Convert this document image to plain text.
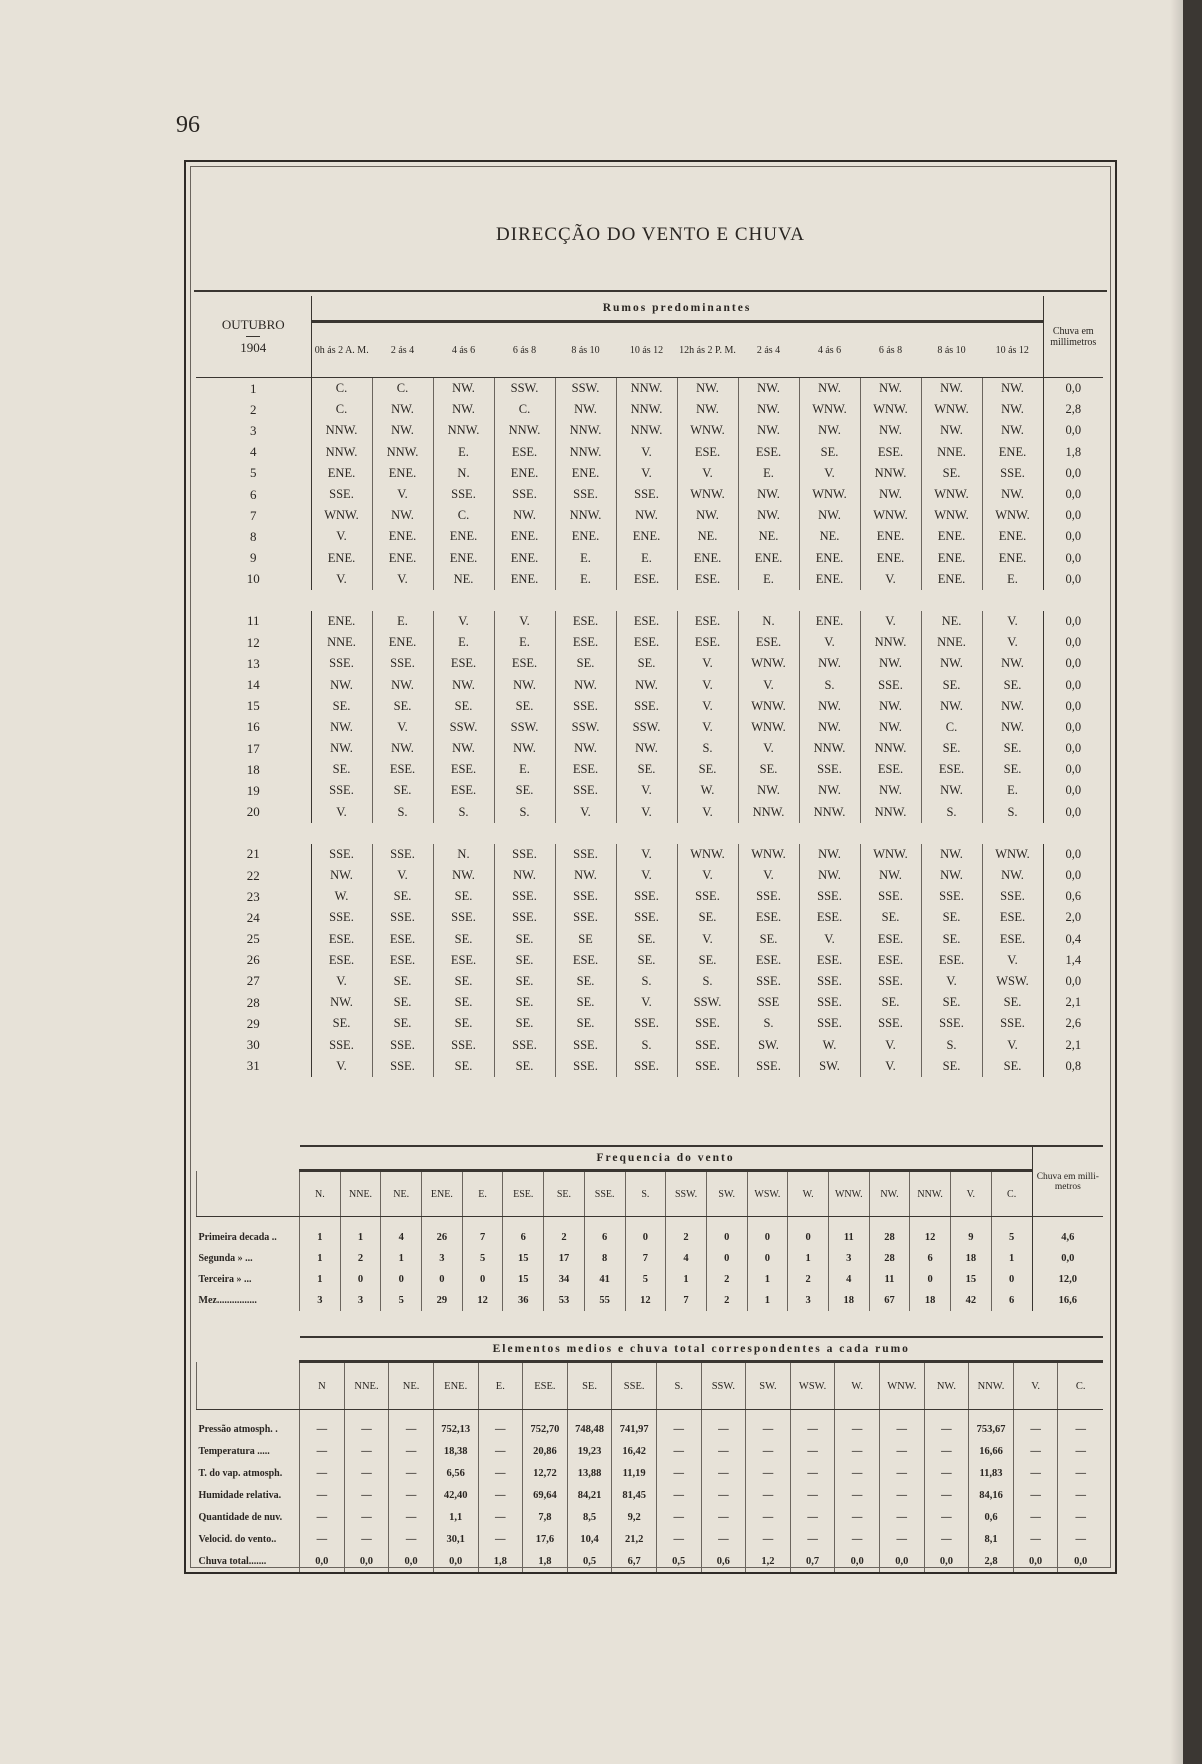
96
DIRECÇÃO DO VENTO E CHUVA
OUTUBRO
1904	Rumos predominantes												Chuva em millimetros
	0h ás 2 A. M.	2 ás 4	4 ás 6	6 ás 8	8 ás 10	10 ás 12	12h ás 2 P. M.	2 ás 4	4 ás 6	6 ás 8	8 ás 10	10 ás 12	
1	C.	C.	NW.	SSW.	SSW.	NNW.	NW.	NW.	NW.	NW.	NW.	NW.	0,0
2	C.	NW.	NW.	C.	NW.	NNW.	NW.	NW.	WNW.	WNW.	WNW.	NW.	2,8
3	NNW.	NW.	NNW.	NNW.	NNW.	NNW.	WNW.	NW.	NW.	NW.	NW.	NW.	0,0
4	NNW.	NNW.	E.	ESE.	NNW.	V.	ESE.	ESE.	SE.	ESE.	NNE.	ENE.	1,8
5	ENE.	ENE.	N.	ENE.	ENE.	V.	V.	E.	V.	NNW.	SE.	SSE.	0,0
6	SSE.	V.	SSE.	SSE.	SSE.	SSE.	WNW.	NW.	WNW.	NW.	WNW.	NW.	0,0
7	WNW.	NW.	C.	NW.	NNW.	NW.	NW.	NW.	NW.	WNW.	WNW.	WNW.	0,0
8	V.	ENE.	ENE.	ENE.	ENE.	ENE.	NE.	NE.	NE.	ENE.	ENE.	ENE.	0,0
9	ENE.	ENE.	ENE.	ENE.	E.	E.	ENE.	ENE.	ENE.	ENE.	ENE.	ENE.	0,0
10	V.	V.	NE.	ENE.	E.	ESE.	ESE.	E.	ENE.	V.	ENE.	E.	0,0

11	ENE.	E.	V.	V.	ESE.	ESE.	ESE.	N.	ENE.	V.	NE.	V.	0,0
12	NNE.	ENE.	E.	E.	ESE.	ESE.	ESE.	ESE.	V.	NNW.	NNE.	V.	0,0
13	SSE.	SSE.	ESE.	ESE.	SE.	SE.	V.	WNW.	NW.	NW.	NW.	NW.	0,0
14	NW.	NW.	NW.	NW.	NW.	NW.	V.	V.	S.	SSE.	SE.	SE.	0,0
15	SE.	SE.	SE.	SE.	SSE.	SSE.	V.	WNW.	NW.	NW.	NW.	NW.	0,0
16	NW.	V.	SSW.	SSW.	SSW.	SSW.	V.	WNW.	NW.	NW.	C.	NW.	0,0
17	NW.	NW.	NW.	NW.	NW.	NW.	S.	V.	NNW.	NNW.	SE.	SE.	0,0
18	SE.	ESE.	ESE.	E.	ESE.	SE.	SE.	SE.	SSE.	ESE.	ESE.	SE.	0,0
19	SSE.	SE.	ESE.	SE.	SSE.	V.	W.	NW.	NW.	NW.	NW.	E.	0,0
20	V.	S.	S.	S.	V.	V.	V.	NNW.	NNW.	NNW.	S.	S.	0,0

21	SSE.	SSE.	N.	SSE.	SSE.	V.	WNW.	WNW.	NW.	WNW.	NW.	WNW.	0,0
22	NW.	V.	NW.	NW.	NW.	V.	V.	V.	NW.	NW.	NW.	NW.	0,0
23	W.	SE.	SE.	SSE.	SSE.	SSE.	SSE.	SSE.	SSE.	SSE.	SSE.	SSE.	0,6
24	SSE.	SSE.	SSE.	SSE.	SSE.	SSE.	SE.	ESE.	ESE.	SE.	SE.	ESE.	2,0
25	ESE.	ESE.	SE.	SE.	SE	SE.	V.	SE.	V.	ESE.	SE.	ESE.	0,4
26	ESE.	ESE.	ESE.	SE.	ESE.	SE.	SE.	ESE.	ESE.	ESE.	ESE.	V.	1,4
27	V.	SE.	SE.	SE.	SE.	S.	S.	SSE.	SSE.	SSE.	V.	WSW.	0,0
28	NW.	SE.	SE.	SE.	SE.	V.	SSW.	SSE	SSE.	SE.	SE.	SE.	2,1
29	SE.	SE.	SE.	SE.	SE.	SSE.	SSE.	S.	SSE.	SSE.	SSE.	SSE.	2,6
30	SSE.	SSE.	SSE.	SSE.	SSE.	S.	SSE.	SW.	W.	V.	S.	V.	2,1
31	V.	SSE.	SE.	SE.	SSE.	SSE.	SSE.	SSE.	SW.	V.	SE.	SE.	0,8
	Frequencia do vento																		Chuva em milli-metros
	N.	NNE.	NE.	ENE.	E.	ESE.	SE.	SSE.	S.	SSW.	SW.	WSW.	W.	WNW.	NW.	NNW.	V.	C.	
Primeira decada ..	1	1	4	26	7	6	2	6	0	2	0	0	0	11	28	12	9	5	4,6
Segunda » ...	1	2	1	3	5	15	17	8	7	4	0	0	1	3	28	6	18	1	0,0
Terceira » ...	1	0	0	0	0	15	34	41	5	1	2	1	2	4	11	0	15	0	12,0
Mez................	3	3	5	29	12	36	53	55	12	7	2	1	3	18	67	18	42	6	16,6
	Elementos medios e chuva total correspondentes a cada rumo																	
	N	NNE.	NE.	ENE.	E.	ESE.	SE.	SSE.	S.	SSW.	SW.	WSW.	W.	WNW.	NW.	NNW.	V.	C.
Pressão atmosph. .	—	—	—	752,13	—	752,70	748,48	741,97	—	—	—	—	—	—	—	753,67	—	—
Temperatura .....	—	—	—	18,38	—	20,86	19,23	16,42	—	—	—	—	—	—	—	16,66	—	—
T. do vap. atmosph.	—	—	—	6,56	—	12,72	13,88	11,19	—	—	—	—	—	—	—	11,83	—	—
Humidade relativa.	—	—	—	42,40	—	69,64	84,21	81,45	—	—	—	—	—	—	—	84,16	—	—
Quantidade de nuv.	—	—	—	1,1	—	7,8	8,5	9,2	—	—	—	—	—	—	—	0,6	—	—
Velocid. do vento..	—	—	—	30,1	—	17,6	10,4	21,2	—	—	—	—	—	—	—	8,1	—	—
Chuva total.......	0,0	0,0	0,0	0,0	1,8	1,8	0,5	6,7	0,5	0,6	1,2	0,7	0,0	0,0	0,0	2,8	0,0	0,0
